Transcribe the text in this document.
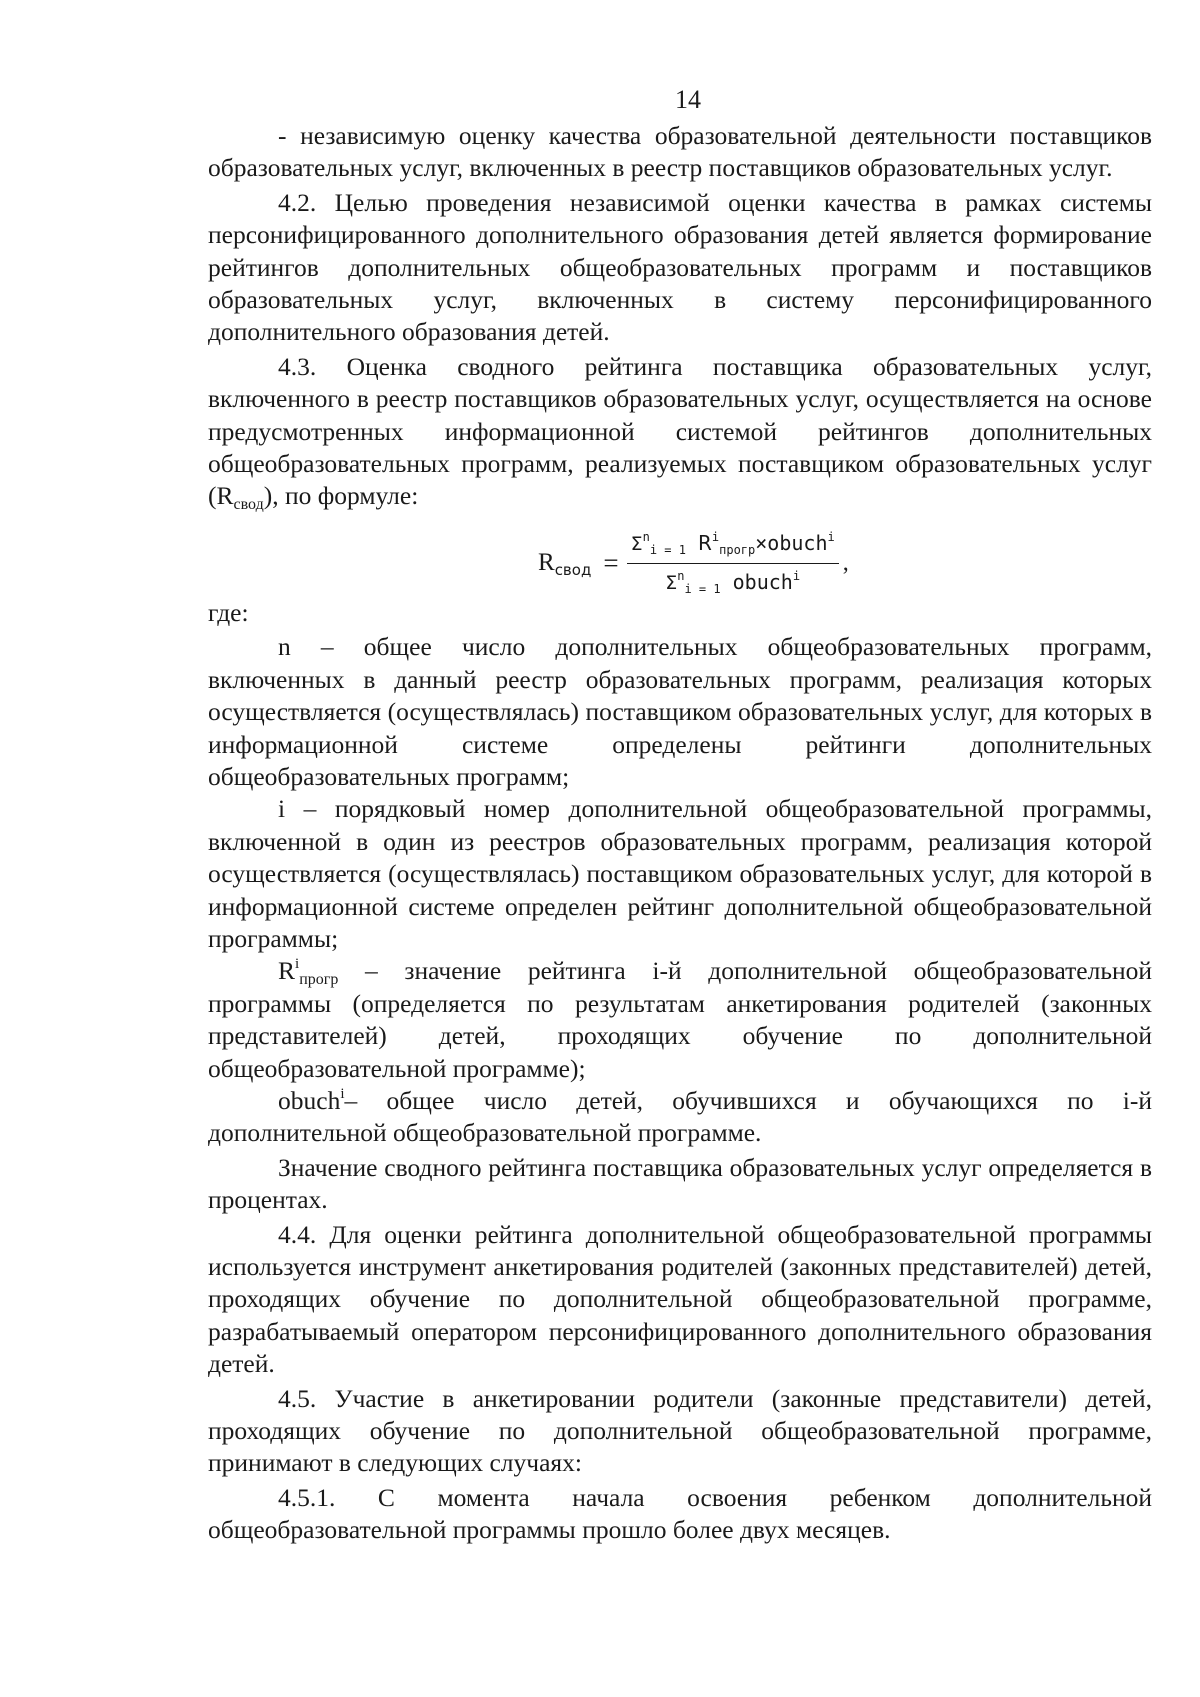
14

- независимую оценку качества образовательной деятельности поставщиков образовательных услуг, включенных в реестр поставщиков образовательных услуг.

4.2. Целью проведения независимой оценки качества в рамках системы персонифицированного дополнительного образования детей является формирование рейтингов дополнительных общеобразовательных программ и поставщиков образовательных услуг, включенных в систему персонифицированного дополнительного образования детей.

4.3. Оценка сводного рейтинга поставщика образовательных услуг, включенного в реестр поставщиков образовательных услуг, осуществляется на основе предусмотренных информационной системой рейтингов дополнительных общеобразовательных программ, реализуемых поставщиком образовательных услуг $(R_{свод})$, по формуле:

$R_{свод} = \frac{\Sigma^n_{i = 1} R^i_{прогр}\times obuch^i}{\Sigma^n_{i = 1} obuch^i}$ ,

где:

n – общее число дополнительных общеобразовательных программ, включенных в данный реестр образовательных программ, реализация которых осуществляется (осуществлялась) поставщиком образовательных услуг, для которых в информационной системе определены рейтинги дополнительных общеобразовательных программ;

i – порядковый номер дополнительной общеобразовательной программы, включенной в один из реестров образовательных программ, реализация которой осуществляется (осуществлялась) поставщиком образовательных услуг, для которой в информационной системе определен рейтинг дополнительной общеобразовательной программы;

$R^i_{прогр}$ – значение рейтинга i-й дополнительной общеобразовательной программы (определяется по результатам анкетирования родителей (законных представителей) детей, проходящих обучение по дополнительной общеобразовательной программе);

obuch$^i$– общее число детей, обучившихся и обучающихся по i-й дополнительной общеобразовательной программе.

Значение сводного рейтинга поставщика образовательных услуг определяется в процентах.

4.4. Для оценки рейтинга дополнительной общеобразовательной программы используется инструмент анкетирования родителей (законных представителей) детей, проходящих обучение по дополнительной общеобразовательной программе, разрабатываемый оператором персонифицированного дополнительного образования детей.

4.5. Участие в анкетировании родители (законные представители) детей, проходящих обучение по дополнительной общеобразовательной программе, принимают в следующих случаях:

4.5.1. С момента начала освоения ребенком дополнительной общеобразовательной программы прошло более двух месяцев.
